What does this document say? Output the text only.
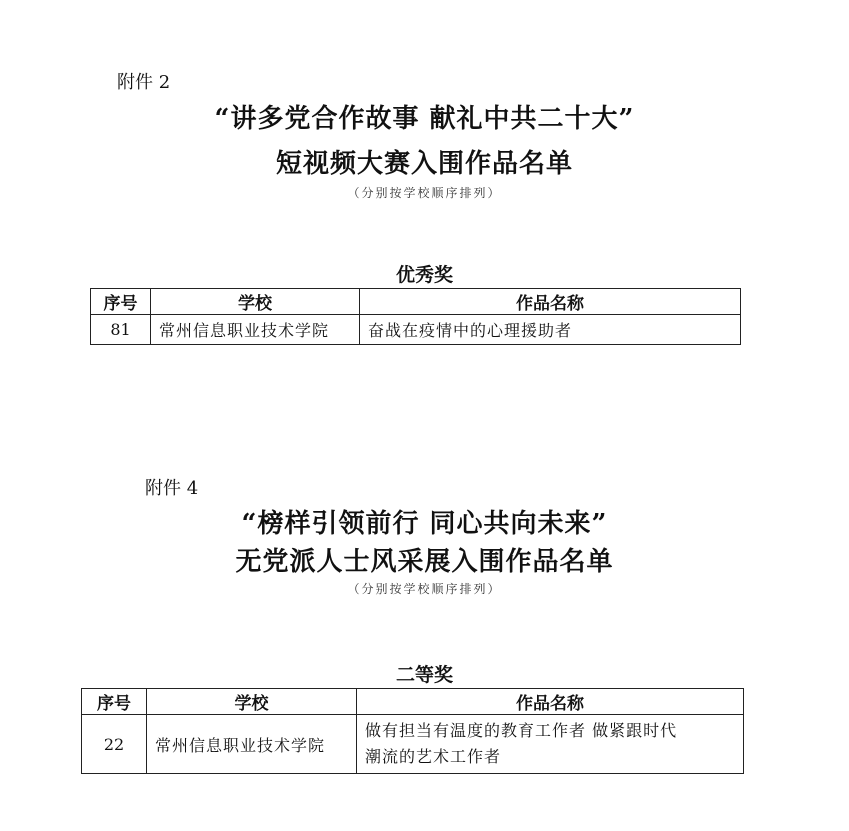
附件 2
“讲多党合作故事 献礼中共二十大”
短视频大赛入围作品名单
（分别按学校顺序排列）
优秀奖
序号	学校	作品名称
81	常州信息职业技术学院	奋战在疫情中的心理援助者
附件 4
“榜样引领前行 同心共向未来”
无党派人士风采展入围作品名单
（分别按学校顺序排列）
二等奖
序号	学校	作品名称
22	常州信息职业技术学院	做有担当有温度的教育工作者 做紧跟时代
潮流的艺术工作者
